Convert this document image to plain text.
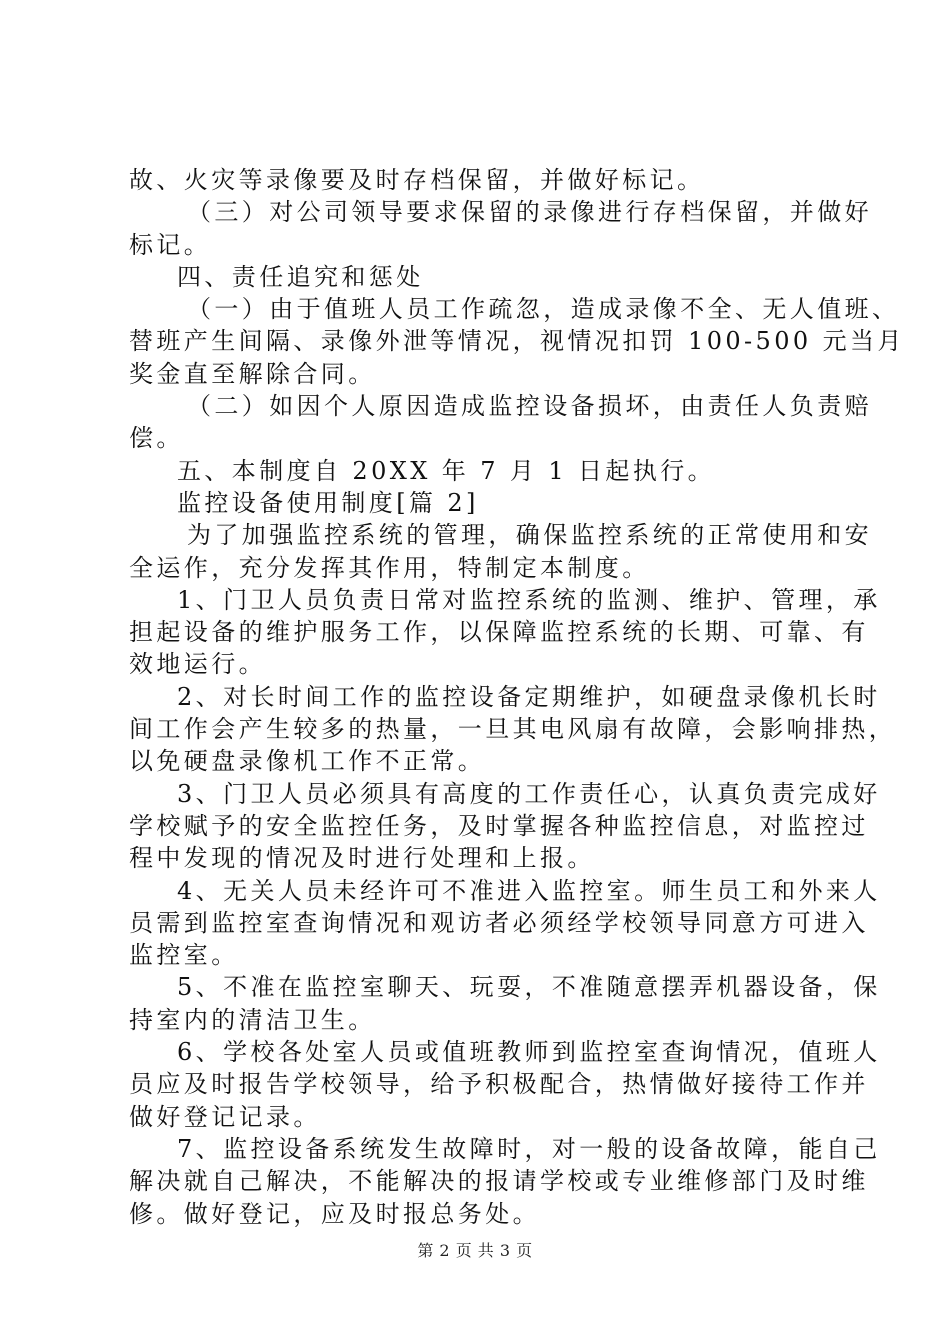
故、火灾等录像要及时存档保留，并做好标记。
（三）对公司领导要求保留的录像进行存档保留，并做好
标记。
四、责任追究和惩处
（一）由于值班人员工作疏忽，造成录像不全、无人值班、
替班产生间隔、录像外泄等情况，视情况扣罚 100-500 元当月
奖金直至解除合同。
（二）如因个人原因造成监控设备损坏，由责任人负责赔
偿。
五、本制度自 20XX 年 7 月 1 日起执行。
监控设备使用制度[篇 2]
为了加强监控系统的管理，确保监控系统的正常使用和安
全运作，充分发挥其作用，特制定本制度。
1、门卫人员负责日常对监控系统的监测、维护、管理，承
担起设备的维护服务工作，以保障监控系统的长期、可靠、有
效地运行。
2、对长时间工作的监控设备定期维护，如硬盘录像机长时
间工作会产生较多的热量，一旦其电风扇有故障，会影响排热，
以免硬盘录像机工作不正常。
3、门卫人员必须具有高度的工作责任心，认真负责完成好
学校赋予的安全监控任务，及时掌握各种监控信息，对监控过
程中发现的情况及时进行处理和上报。
4、无关人员未经许可不准进入监控室。师生员工和外来人
员需到监控室查询情况和观访者必须经学校领导同意方可进入
监控室。
5、不准在监控室聊天、玩耍，不准随意摆弄机器设备，保
持室内的清洁卫生。
6、学校各处室人员或值班教师到监控室查询情况，值班人
员应及时报告学校领导，给予积极配合，热情做好接待工作并
做好登记记录。
7、监控设备系统发生故障时，对一般的设备故障，能自己
解决就自己解决，不能解决的报请学校或专业维修部门及时维
修。做好登记，应及时报总务处。
第 2 页 共 3 页
